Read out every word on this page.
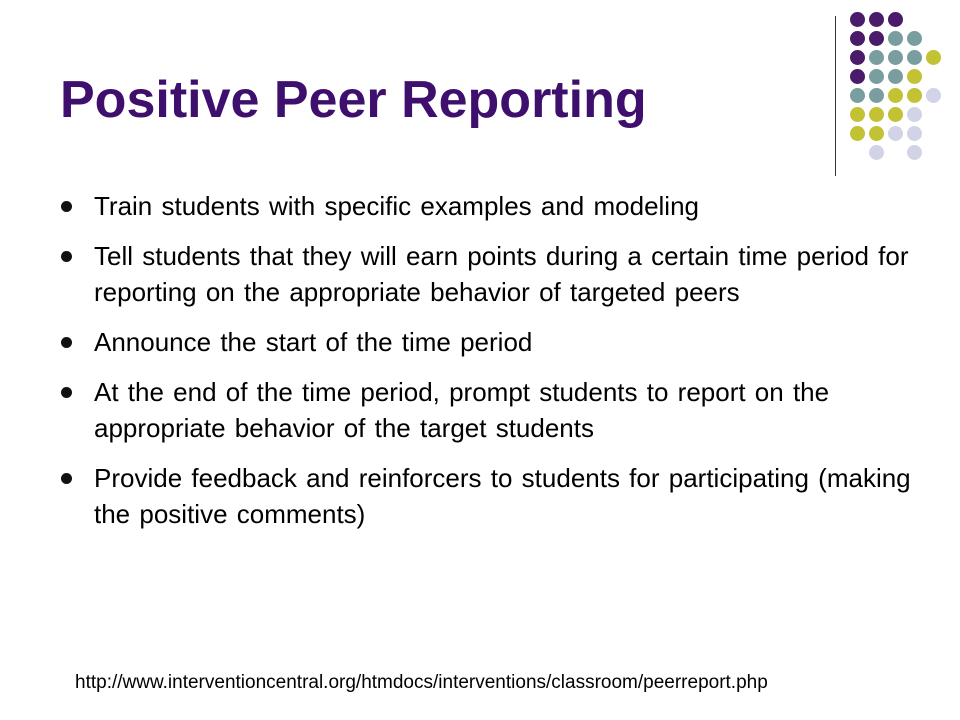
Positive Peer Reporting
Train students with specific examples and modeling
Tell students that they will earn points during a certain time period for reporting on the appropriate behavior of targeted peers
Announce the start of the time period
At the end of the time period, prompt students to report on the appropriate behavior of the target students
Provide feedback and reinforcers to students for participating (making the positive comments)
http://www.interventioncentral.org/htmdocs/interventions/classroom/peerreport.php
